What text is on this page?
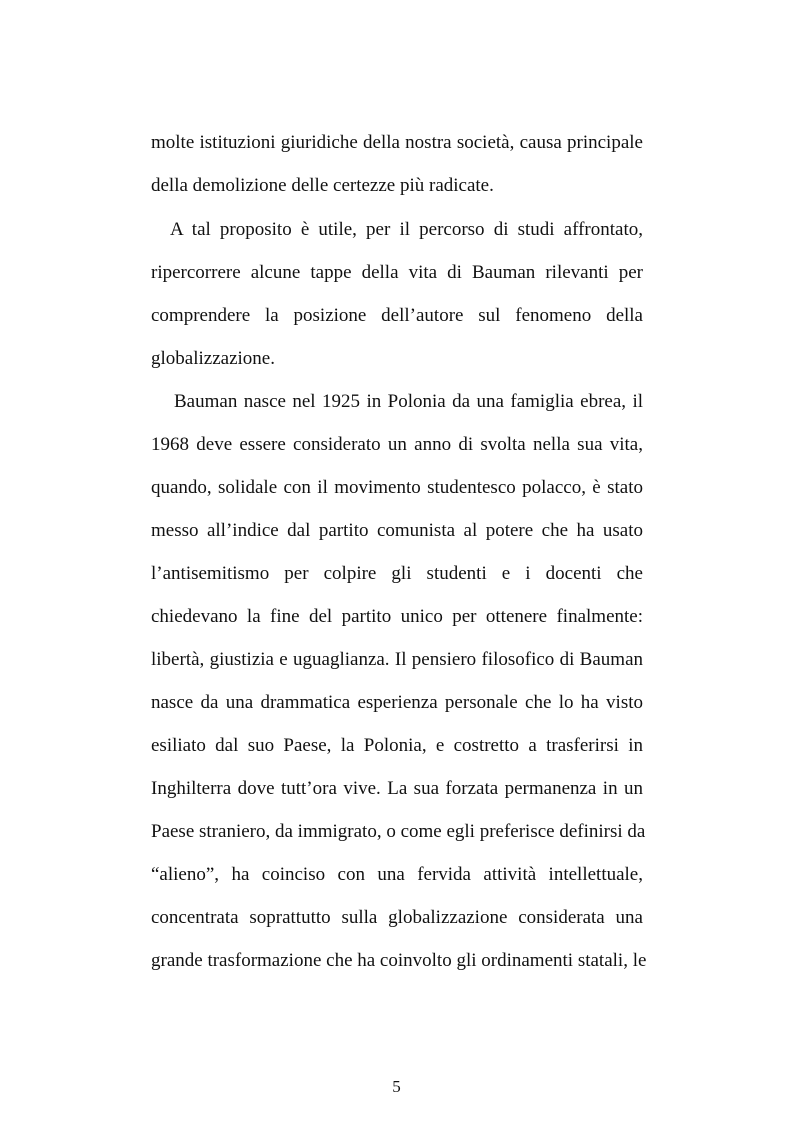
molte istituzioni giuridiche della nostra società, causa principale

della demolizione delle certezze più radicate.

A tal proposito è utile, per il percorso di studi affrontato,

ripercorrere alcune tappe della vita di Bauman rilevanti per

comprendere la posizione dell’autore sul fenomeno della

globalizzazione.

Bauman nasce nel 1925 in Polonia da una famiglia ebrea, il

1968 deve essere considerato un anno di svolta nella sua vita,

quando, solidale con il movimento studentesco polacco, è stato

messo all’indice dal partito comunista al potere che ha usato

l’antisemitismo per colpire gli studenti e i docenti che

chiedevano la fine del partito unico per ottenere finalmente:

libertà, giustizia e uguaglianza. Il pensiero filosofico di Bauman

nasce da una drammatica esperienza personale che lo ha visto

esiliato dal suo Paese, la Polonia, e costretto a trasferirsi in

Inghilterra dove tutt’ora vive. La sua forzata permanenza in un

Paese straniero, da immigrato, o come egli preferisce definirsi da

“alieno”, ha coinciso con una fervida attività intellettuale,

concentrata soprattutto sulla globalizzazione considerata una

grande trasformazione che ha coinvolto gli ordinamenti statali, le

5
